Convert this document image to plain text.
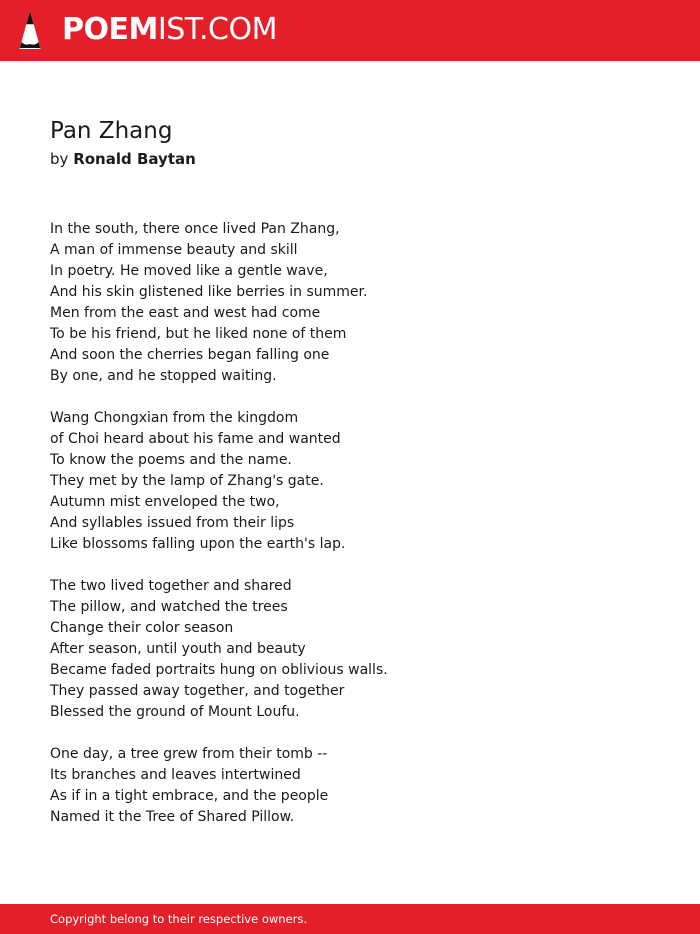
POEMIST.COM
Pan Zhang
by Ronald Baytan
In the south, there once lived Pan Zhang,
A man of immense beauty and skill
In poetry. He moved like a gentle wave,
And his skin glistened like berries in summer.
Men from the east and west had come
To be his friend, but he liked none of them
And soon the cherries began falling one
By one, and he stopped waiting.
Wang Chongxian from the kingdom
of Choi heard about his fame and wanted
To know the poems and the name.
They met by the lamp of Zhang's gate.
Autumn mist enveloped the two,
And syllables issued from their lips
Like blossoms falling upon the earth's lap.
The two lived together and shared
The pillow, and watched the trees
Change their color season
After season, until youth and beauty
Became faded portraits hung on oblivious walls.
They passed away together, and together
Blessed the ground of Mount Loufu.
One day, a tree grew from their tomb --
Its branches and leaves intertwined
As if in a tight embrace, and the people
Named it the Tree of Shared Pillow.
Copyright belong to their respective owners.
